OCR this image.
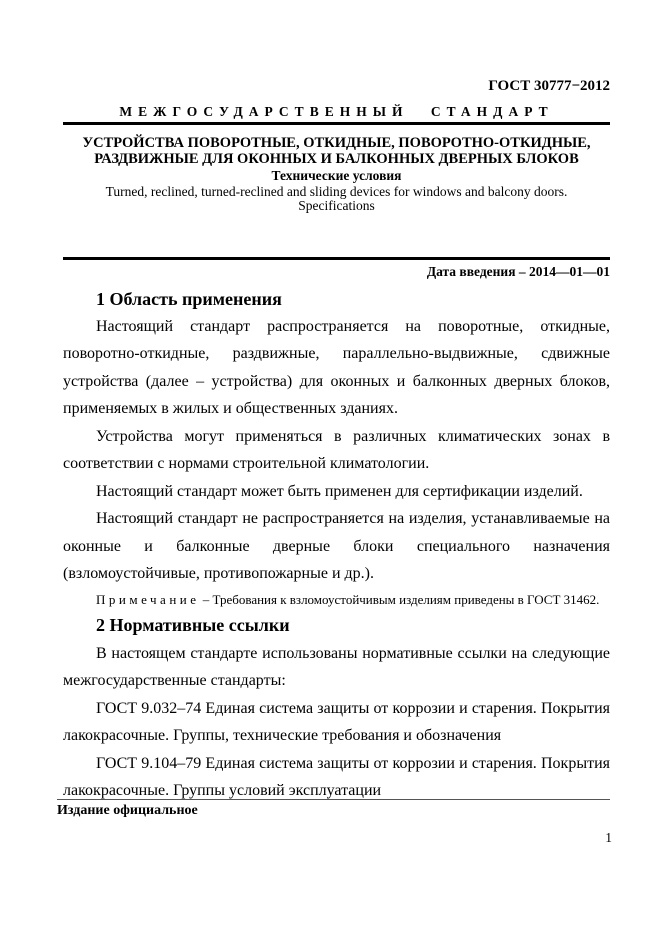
ГОСТ 30777−2012
МЕЖГОСУДАРСТВЕННЫЙ СТАНДАРТ
УСТРОЙСТВА ПОВОРОТНЫЕ, ОТКИДНЫЕ, ПОВОРОТНО-ОТКИДНЫЕ,
РАЗДВИЖНЫЕ ДЛЯ ОКОННЫХ И БАЛКОННЫХ ДВЕРНЫХ БЛОКОВ
Технические условия
Turned, reclined, turned-reclined and sliding devices for windows and balcony doors.
Specifications
Дата введения – 2014—01—01
1 Область применения

Настоящий стандарт распространяется на поворотные, откидные, поворотно-откидные, раздвижные, параллельно-выдвижные, сдвижные устройства (далее – устройства) для оконных и балконных дверных блоков, применяемых в жилых и общественных зданиях.

Устройства могут применяться в различных климатических зонах в соответствии с нормами строительной климатологии.

Настоящий стандарт может быть применен для сертификации изделий.

Настоящий стандарт не распространяется на изделия, устанавливаемые на оконные и балконные дверные блоки специального назначения (взломоустойчивые, противопожарные и др.).

Примечание – Требования к взломоустойчивым изделиям приведены в ГОСТ 31462.

2 Нормативные ссылки

В настоящем стандарте использованы нормативные ссылки на следующие межгосударственные стандарты:

ГОСТ 9.032–74 Единая система защиты от коррозии и старения. Покрытия лакокрасочные. Группы, технические требования и обозначения

ГОСТ 9.104–79 Единая система защиты от коррозии и старения. Покрытия лакокрасочные. Группы условий эксплуатации

Издание официальное
1
